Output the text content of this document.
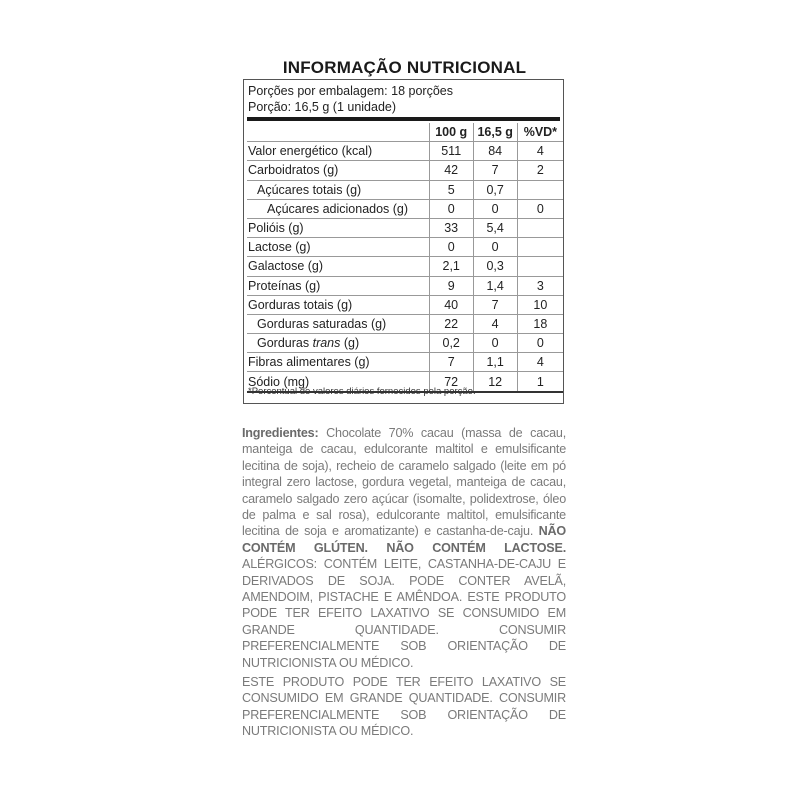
INFORMAÇÃO NUTRICIONAL
Porções por embalagem: 18 porções
Porção: 16,5 g (1 unidade)
	100 g	16,5 g	%VD*
Valor energético (kcal)	511	84	4
Carboidratos (g)	42	7	2
Açúcares totais (g)	5	0,7	
Açúcares adicionados (g)	0	0	0
Polióis (g)	33	5,4	
Lactose (g)	0	0	
Galactose (g)	2,1	0,3	
Proteínas (g)	9	1,4	3
Gorduras totais (g)	40	7	10
Gorduras saturadas (g)	22	4	18
Gorduras trans (g)	0,2	0	0
Fibras alimentares (g)	7	1,1	4
Sódio (mg)	72	12	1
*Percentual de valores diários fornecidos pela porção.
Ingredientes: Chocolate 70% cacau (massa de cacau, manteiga de cacau, edulcorante maltitol e emulsificante lecitina de soja), recheio de caramelo salgado (leite em pó integral zero lactose, gordura vegetal, manteiga de cacau, caramelo salgado zero açúcar (isomalte, polidextrose, óleo de palma e sal rosa), edulcorante maltitol, emulsificante lecitina de soja e aromatizante) e castanha-de-caju. NÃO CONTÉM GLÚTEN. NÃO CONTÉM LACTOSE. ALÉRGICOS: CONTÉM LEITE, CASTANHA-DE-CAJU E DERIVADOS DE SOJA. PODE CONTER AVELÃ, AMENDOIM, PISTACHE E AMÊNDOA. ESTE PRODUTO PODE TER EFEITO LAXATIVO SE CONSUMIDO EM GRANDE QUANTIDADE. CONSUMIR PREFERENCIALMENTE SOB ORIENTAÇÃO DE NUTRICIONISTA OU MÉDICO.
ESTE PRODUTO PODE TER EFEITO LAXATIVO SE CONSUMIDO EM GRANDE QUANTIDADE. CONSUMIR PREFERENCIALMENTE SOB ORIENTAÇÃO DE NUTRICIONISTA OU MÉDICO.
